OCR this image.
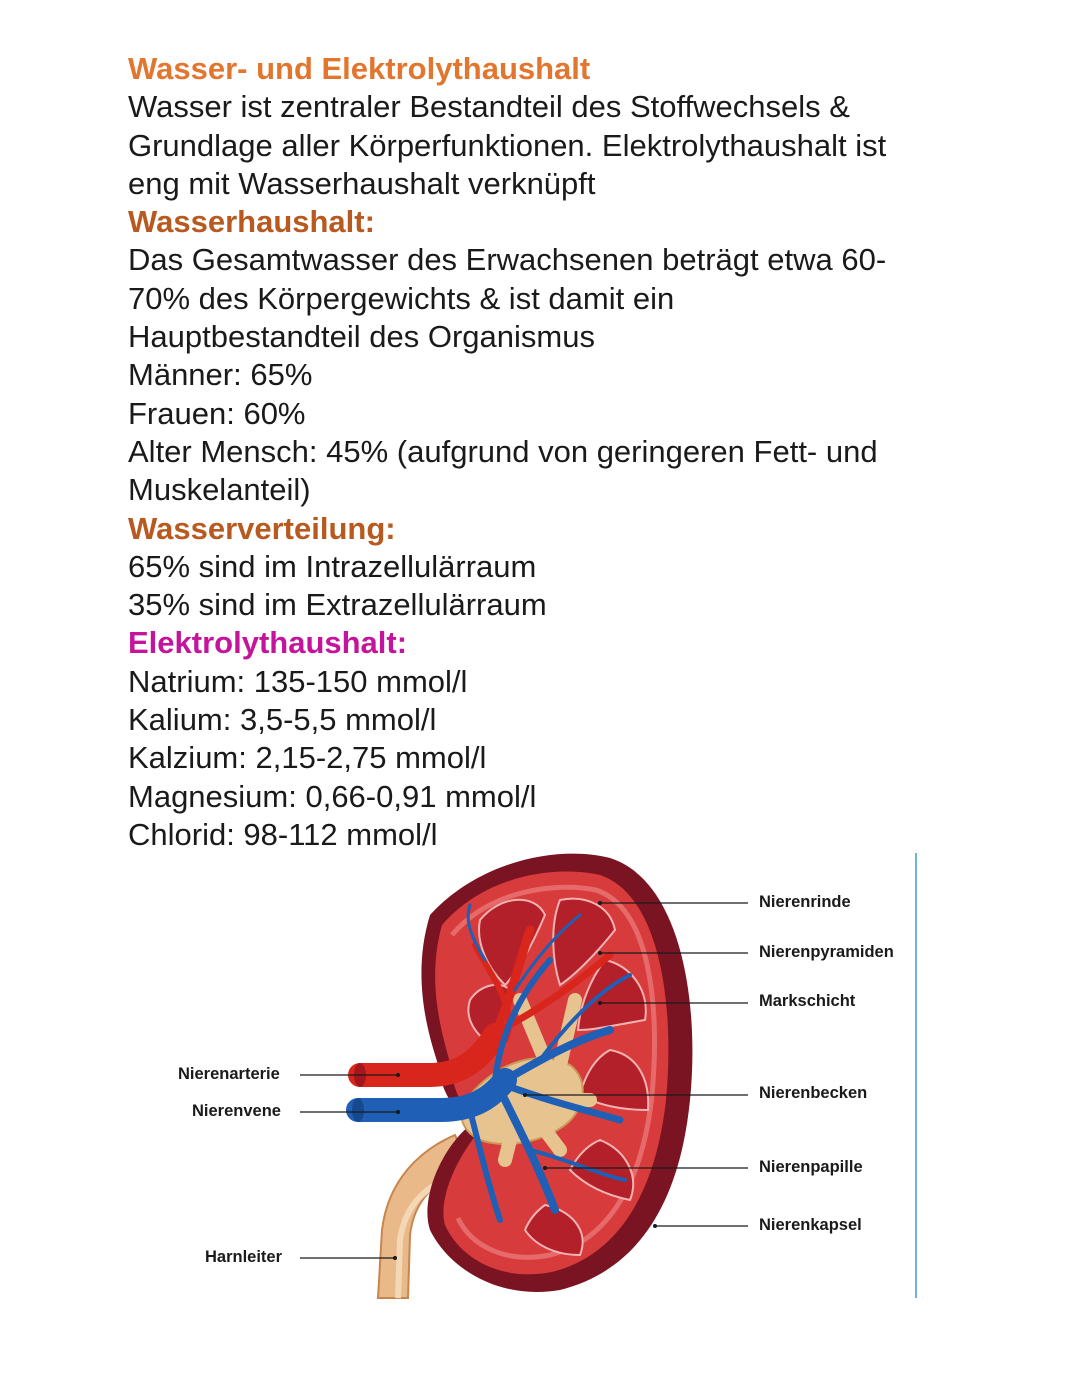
Wasser- und Elektrolythaushalt
Wasser ist zentraler Bestandteil des Stoffwechsels &
Grundlage aller Körperfunktionen. Elektrolythaushalt ist
eng mit Wasserhaushalt verknüpft
Wasserhaushalt:
Das Gesamtwasser des Erwachsenen beträgt etwa 60-
70% des Körpergewichts & ist damit ein
Hauptbestandteil des Organismus
Männer: 65%
Frauen: 60%
Alter Mensch: 45% (aufgrund von geringeren Fett- und
Muskelanteil)
Wasserverteilung:
65% sind im Intrazellulärraum
35% sind im Extrazellulärraum
Elektrolythaushalt:
Natrium: 135-150 mmol/l
Kalium: 3,5-5,5 mmol/l
Kalzium: 2,15-2,75 mmol/l
Magnesium: 0,66-0,91 mmol/l
Chlorid: 98-112 mmol/l
Nierenarterie
Nierenvene
Harnleiter
Nierenrinde
Nierenpyramiden
Markschicht
Nierenbecken
Nierenpapille
Nierenkapsel
